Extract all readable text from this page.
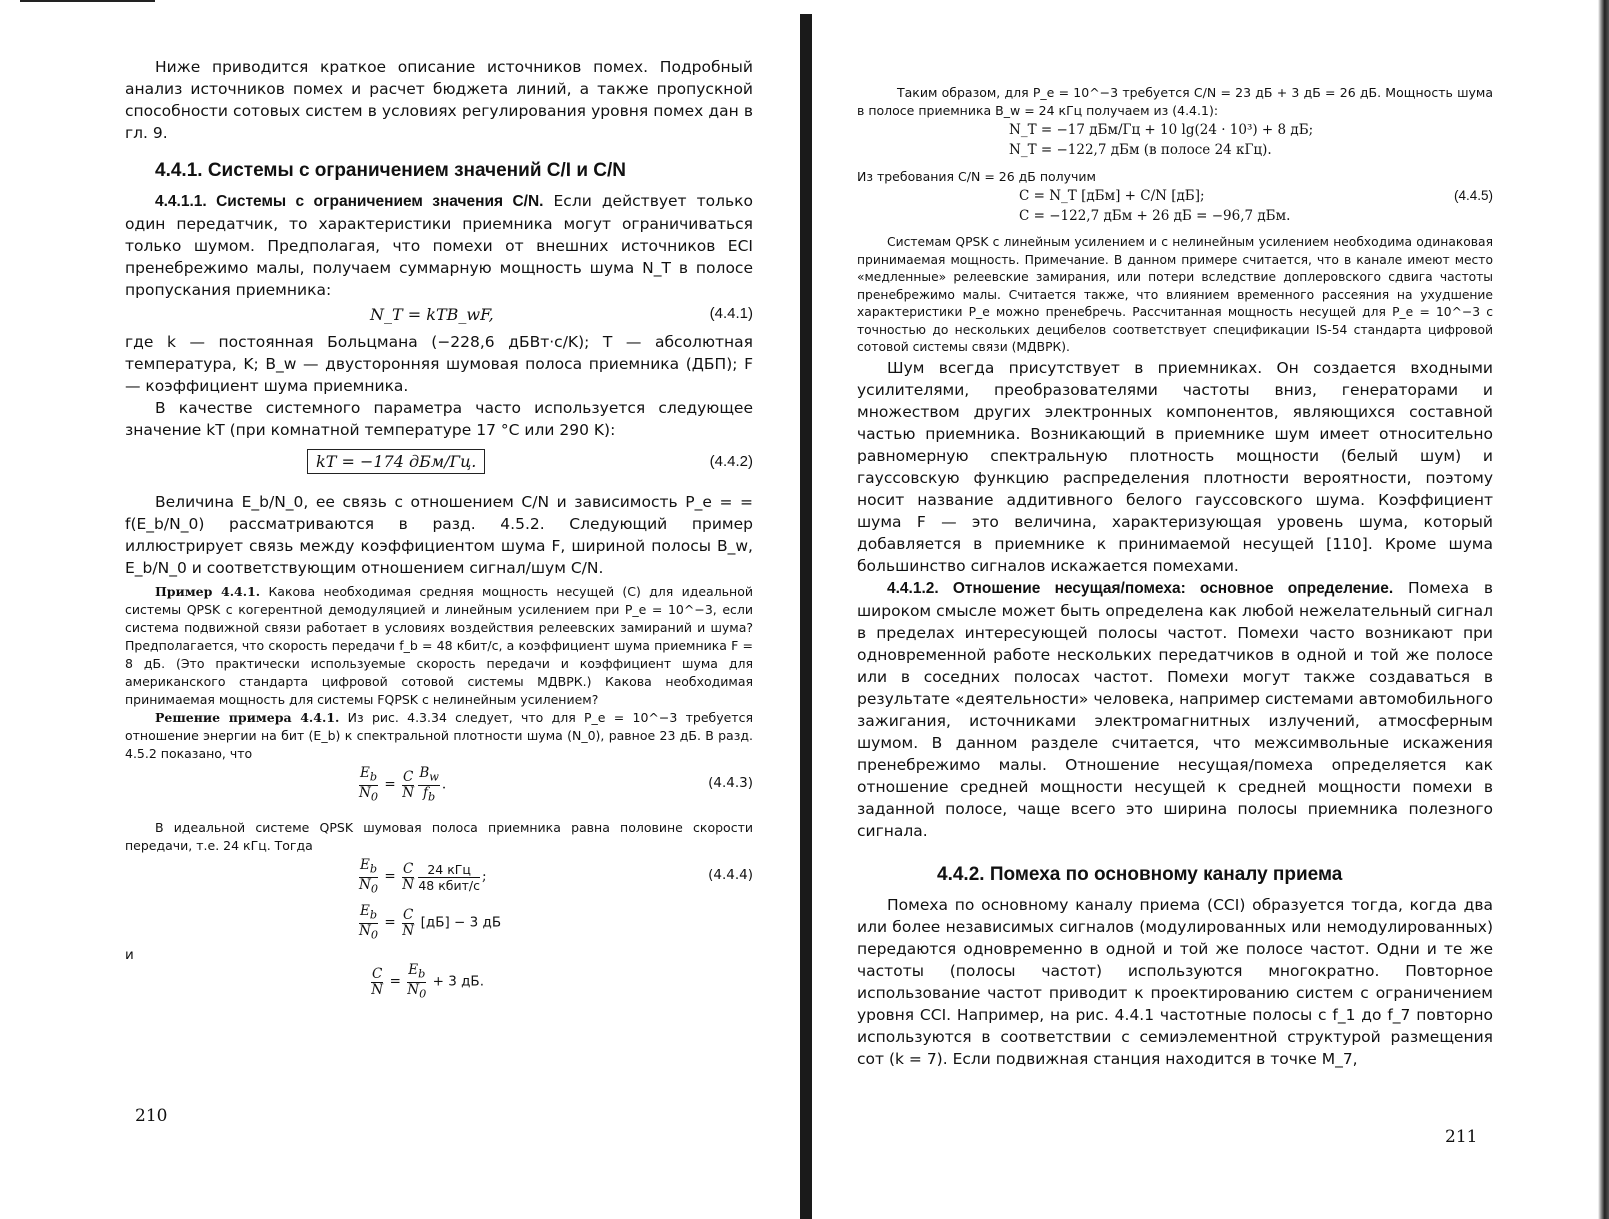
Ниже приводится краткое описание источников помех. Подробный анализ источников помех и расчет бюджета линий, а также пропускной способности сотовых систем в условиях регулирования уровня помех дан в гл. 9.

4.4.1. Системы с ограничением значений C/I и C/N

4.4.1.1. Системы с ограничением значения C/N. Если действует только один передатчик, то характеристики приемника могут ограничиваться только шумом. Предполагая, что помехи от внешних источников ECI пренебрежимо малы, получаем суммарную мощность шума N_T в полосе пропускания приемника:

N_T = kTB_wF,	(4.4.1)

где k — постоянная Больцмана (−228,6 дБВт·с/K); T — абсолютная температура, K; B_w — двусторонняя шумовая полоса приемника (ДБП); F — коэффициент шума приемника.

В качестве системного параметра часто используется следующее значение kT (при комнатной температуре 17 °C или 290 K):

kT = −174 дБм/Гц.	(4.4.2)

Величина E_b/N_0, ее связь с отношением C/N и зависимость P_e = = f(E_b/N_0) рассматриваются в разд. 4.5.2. Следующий пример иллюстрирует связь между коэффициентом шума F, шириной полосы B_w, E_b/N_0 и соответствующим отношением сигнал/шум C/N.

Пример 4.4.1. Какова необходимая средняя мощность несущей (C) для идеальной системы QPSK с когерентной демодуляцией и линейным усилением при P_e = 10^−3, если система подвижной связи работает в условиях воздействия релеевских замираний и шума? Предполагается, что скорость передачи f_b = 48 кбит/с, а коэффициент шума приемника F = 8 дБ. (Это практически используемые скорость передачи и коэффициент шума для американского стандарта цифровой сотовой системы МДВРК.) Какова необходимая принимаемая мощность для системы FQPSK с нелинейным усилением?

Решение примера 4.4.1. Из рис. 4.3.34 следует, что для P_e = 10^−3 требуется отношение энергии на бит (E_b) к спектральной плотности шума (N_0), равное 23 дБ. В разд. 4.5.2 показано, что

$\frac{E_b}{N_0} = \frac{C}{N} \frac{B_w}{f_b}$ .	(4.4.3)

В идеальной системе QPSK шумовая полоса приемника равна половине скорости передачи, т.е. 24 кГц. Тогда

$\frac{E_b}{N_0} = \frac{C}{N} \frac{\text{24 кГц}}{\text{48 кбит/с}}$ ;	(4.4.4)
$\frac{E_b}{N_0} = \frac{C}{N} [дБ] - 3$ дБ
и
$\frac{C}{N} = \frac{E_b}{N_0} + 3$ дБ.
210

Таким образом, для P_e = 10^−3 требуется C/N = 23 дБ + 3 дБ = 26 дБ. Мощность шума в полосе приемника B_w = 24 кГц получаем из (4.4.1):

N_T = −17 дБм/Гц + 10 lg(24 · 10³) + 8 дБ;
N_T = −122,7 дБм (в полосе 24 кГц).

Из требования C/N = 26 дБ получим

C = N_T [дБм] + C/N [дБ];	(4.4.5)
C = −122,7 дБм + 26 дБ = −96,7 дБм.

Системам QPSK с линейным усилением и с нелинейным усилением необходима одинаковая принимаемая мощность. Примечание. В данном примере считается, что в канале имеют место «медленные» релеевские замирания, или потери вследствие доплеровского сдвига частоты пренебрежимо малы. Считается также, что влиянием временного рассеяния на ухудшение характеристики P_e можно пренебречь. Рассчитанная мощность несущей для P_e = 10^−3 с точностью до нескольких децибелов соответствует спецификации IS-54 стандарта цифровой сотовой системы связи (МДВРК).

Шум всегда присутствует в приемниках. Он создается входными усилителями, преобразователями частоты вниз, генераторами и множеством других электронных компонентов, являющихся составной частью приемника. Возникающий в приемнике шум имеет относительно равномерную спектральную плотность мощности (белый шум) и гауссовскую функцию распределения плотности вероятности, поэтому носит название аддитивного белого гауссовского шума. Коэффициент шума F — это величина, характеризующая уровень шума, который добавляется в приемнике к принимаемой несущей [110]. Кроме шума большинство сигналов искажается помехами.

4.4.1.2. Отношение несущая/помеха: основное определение. Помеха в широком смысле может быть определена как любой нежелательный сигнал в пределах интересующей полосы частот. Помехи часто возникают при одновременной работе нескольких передатчиков в одной и той же полосе или в соседних полосах частот. Помехи могут также создаваться в результате «деятельности» человека, например системами автомобильного зажигания, источниками электромагнитных излучений, атмосферным шумом. В данном разделе считается, что межсимвольные искажения пренебрежимо малы. Отношение несущая/помеха определяется как отношение средней мощности несущей к средней мощности помехи в заданной полосе, чаще всего это ширина полосы приемника полезного сигнала.

4.4.2. Помеха по основному каналу приема

Помеха по основному каналу приема (CCI) образуется тогда, когда два или более независимых сигналов (модулированных или немодулированных) передаются одновременно в одной и той же полосе частот. Одни и те же частоты (полосы частот) используются многократно. Повторное использование частот приводит к проектированию систем с ограничением уровня CCI. Например, на рис. 4.4.1 частотные полосы с f_1 до f_7 повторно используются в соответствии с семиэлементной структурой размещения сот (k = 7). Если подвижная станция находится в точке M_7,

211
